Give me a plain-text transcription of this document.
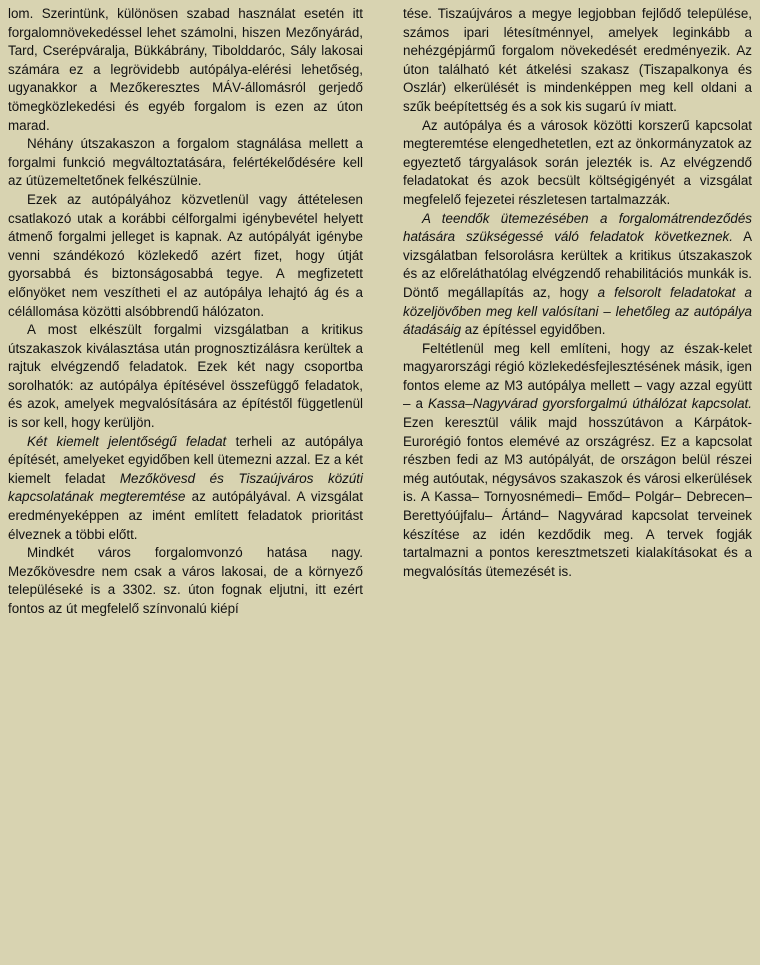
lom. Szerintünk, különösen szabad használat esetén itt forgalomnövekedéssel lehet számolni, hiszen Mezőnyárád, Tard, Cserépváralja, Bükkábrány, Tibolddaróc, Sály lakosai számára ez a legrövidebb autópálya-elérési lehetőség, ugyanakkor a Mezőkeresztes MÁV-állomásról gerjedő tömegközlekedési és egyéb forgalom is ezen az úton marad.

Néhány útszakaszon a forgalom stagnálása mellett a forgalmi funkció megváltoztatására, felértékelődésére kell az útüzemeltetőnek felkészülnie.

Ezek az autópályához közvetlenül vagy áttételesen csatlakozó utak a korábbi célforgalmi igénybevétel helyett átmenő forgalmi jelleget is kapnak. Az autópályát igénybe venni szándékozó közlekedő azért fizet, hogy útját gyorsabbá és biztonságosabbá tegye. A megfizetett előnyöket nem veszítheti el az autópálya lehajtó ág és a célállomása közötti alsóbbrendű hálózaton.

A most elkészült forgalmi vizsgálatban a kritikus útszakaszok kiválasztása után prognosztizálásra kerültek a rajtuk elvégzendő feladatok. Ezek két nagy csoportba sorolhatók: az autópálya építésével összefüggő feladatok, és azok, amelyek megvalósítására az építéstől függetlenül is sor kell, hogy kerüljön.

Két kiemelt jelentőségű feladat terheli az autópálya építését, amelyeket egyidőben kell ütemezni azzal. Ez a két kiemelt feladat Mezőkövesd és Tiszaújváros közúti kapcsolatának megteremtése az autópályával. A vizsgálat eredményeképpen az imént említett feladatok prioritást élveznek a többi előtt.

Mindkét város forgalomvonzó hatása nagy. Mezőkövesdre nem csak a város lakosai, de a környező településeké is a 3302. sz. úton fognak eljutni, itt ezért fontos az út megfelelő színvonalú kiépí

tése. Tiszaújváros a megye legjobban fejlődő települése, számos ipari létesítménnyel, amelyek leginkább a nehézgépjármű forgalom növekedését eredményezik. Az úton található két átkelési szakasz (Tiszapalkonya és Oszlár) elkerülését is mindenképpen meg kell oldani a szűk beépítettség és a sok kis sugarú ív miatt.

Az autópálya és a városok közötti korszerű kapcsolat megteremtése elengedhetetlen, ezt az önkormányzatok az egyeztető tárgyalások során jelezték is. Az elvégzendő feladatokat és azok becsült költségigényét a vizsgálat megfelelő fejezetei részletesen tartalmazzák.

A teendők ütemezésében a forgalomátrendeződés hatására szükségessé váló feladatok következnek. A vizsgálatban felsorolásra kerültek a kritikus útszakaszok és az előreláthatólag elvégzendő rehabilitációs munkák is. Döntő megállapítás az, hogy a felsorolt feladatokat a közeljövőben meg kell valósítani – lehetőleg az autópálya átadásáig az építéssel egyidőben.

Feltétlenül meg kell említeni, hogy az észak-kelet magyarországi régió közlekedésfejlesztésének másik, igen fontos eleme az M3 autópálya mellett – vagy azzal együtt – a Kassa–Nagyvárad gyorsforgalmú úthálózat kapcsolat. Ezen keresztül válik majd hosszútávon a Kárpátok-Eurorégió fontos elemévé az országrész. Ez a kapcsolat részben fedi az M3 autópályát, de országon belül részei még autóutak, négysávos szakaszok és városi elkerülések is. A Kassa– Tornyosnémedi– Emőd– Polgár– Debrecen– Berettyóújfalu– Ártánd– Nagyvárad kapcsolat terveinek készítése az idén kezdődik meg. A tervek fogják tartalmazni a pontos keresztmetszeti kialakításokat és a megvalósítás ütemezését is.
